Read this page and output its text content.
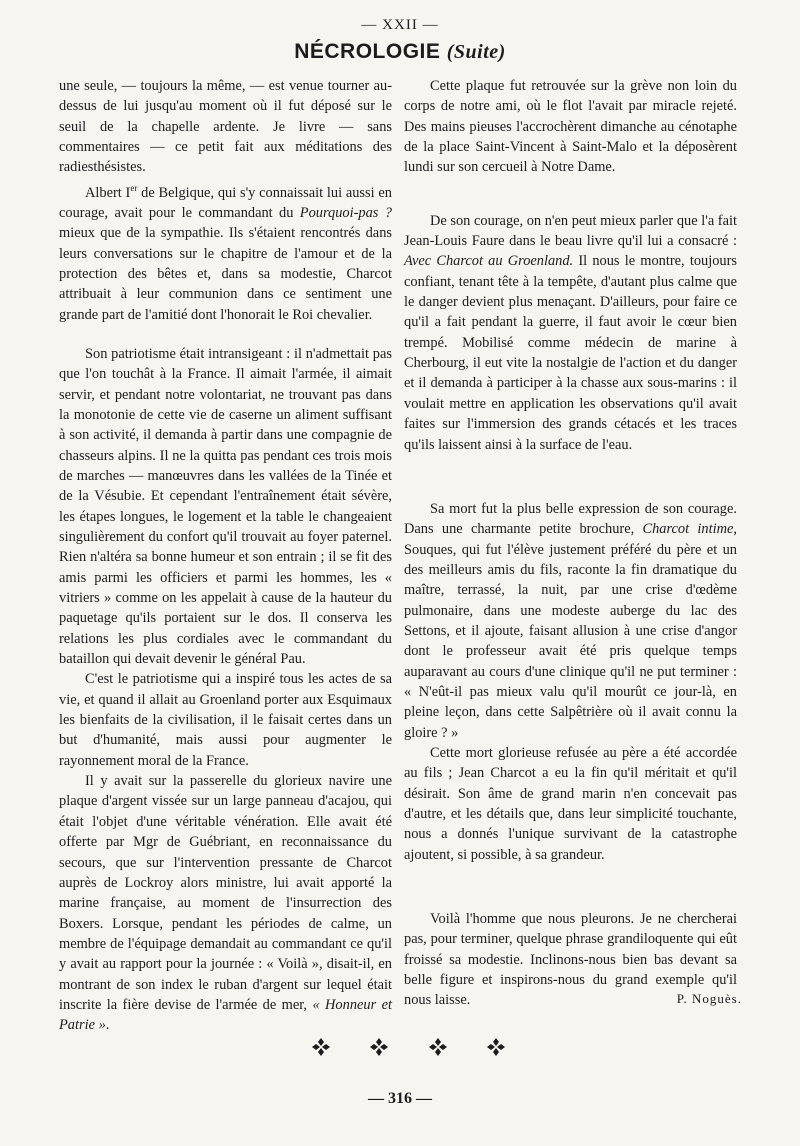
— XXII —
NÉCROLOGIE (Suite)

une seule, — toujours la même, — est venue tourner au-dessus de lui jusqu'au moment où il fut déposé sur le seuil de la chapelle ardente. Je livre — sans commentaires — ce petit fait aux méditations des radiesthésistes.

Albert Ier de Belgique, qui s'y connaissait lui aussi en courage, avait pour le commandant du Pourquoi-pas ? mieux que de la sympathie. Ils s'étaient rencontrés dans leurs conversations sur le chapitre de l'amour et de la protection des bêtes et, dans sa modestie, Charcot attribuait à leur communion dans ce sentiment une grande part de l'amitié dont l'honorait le Roi chevalier.

Son patriotisme était intransigeant : il n'admettait pas que l'on touchât à la France. Il aimait l'armée, il aimait servir, et pendant notre volontariat, ne trouvant pas dans la monotonie de cette vie de caserne un aliment suffisant à son activité, il demanda à partir dans une compagnie de chasseurs alpins. Il ne la quitta pas pendant ces trois mois de marches — manœuvres dans les vallées de la Tinée et de la Vésubie. Et cependant l'entraînement était sévère, les étapes longues, le logement et la table le changeaient singulièrement du confort qu'il trouvait au foyer paternel. Rien n'altéra sa bonne humeur et son entrain ; il se fit des amis parmi les officiers et parmi les hommes, les « vitriers » comme on les appelait à cause de la hauteur du paquetage qu'ils portaient sur le dos. Il conserva les relations les plus cordiales avec le commandant du bataillon qui devait devenir le général Pau.

C'est le patriotisme qui a inspiré tous les actes de sa vie, et quand il allait au Groenland porter aux Esquimaux les bienfaits de la civilisation, il le faisait certes dans un but d'humanité, mais aussi pour augmenter le rayonnement moral de la France.

Il y avait sur la passerelle du glorieux navire une plaque d'argent vissée sur un large panneau d'acajou, qui était l'objet d'une véritable vénération. Elle avait été offerte par Mgr de Guébriant, en reconnaissance du secours, que sur l'intervention pressante de Charcot auprès de Lockroy alors ministre, lui avait apporté la marine française, au moment de l'insurrection des Boxers. Lorsque, pendant les périodes de calme, un membre de l'équipage demandait au commandant ce qu'il y avait au rapport pour la journée : « Voilà », disait-il, en montrant de son index le ruban d'argent sur lequel était inscrite la fière devise de l'armée de mer, « Honneur et Patrie ».

Cette plaque fut retrouvée sur la grève non loin du corps de notre ami, où le flot l'avait par miracle rejeté. Des mains pieuses l'accrochèrent dimanche au cénotaphe de la place Saint-Vincent à Saint-Malo et la déposèrent lundi sur son cercueil à Notre Dame.

De son courage, on n'en peut mieux parler que l'a fait Jean-Louis Faure dans le beau livre qu'il lui a consacré : Avec Charcot au Groenland. Il nous le montre, toujours confiant, tenant tête à la tempête, d'autant plus calme que le danger devient plus menaçant. D'ailleurs, pour faire ce qu'il a fait pendant la guerre, il faut avoir le cœur bien trempé. Mobilisé comme médecin de marine à Cherbourg, il eut vite la nostalgie de l'action et du danger et il demanda à participer à la chasse aux sous-marins : il voulait mettre en application les observations qu'il avait faites sur l'immersion des grands cétacés et les traces qu'ils laissent ainsi à la surface de l'eau.

Sa mort fut la plus belle expression de son courage. Dans une charmante petite brochure, Charcot intime, Souques, qui fut l'élève justement préféré du père et un des meilleurs amis du fils, raconte la fin dramatique du maître, terrassé, la nuit, par une crise d'œdème pulmonaire, dans une modeste auberge du lac des Settons, et il ajoute, faisant allusion à une crise d'angor dont le professeur avait été pris quelque temps auparavant au cours d'une clinique qu'il ne put terminer : « N'eût-il pas mieux valu qu'il mourût ce jour-là, en pleine leçon, dans cette Salpêtrière où il avait connu la gloire ? »

Cette mort glorieuse refusée au père a été accordée au fils ; Jean Charcot a eu la fin qu'il méritait et qu'il désirait. Son âme de grand marin n'en concevait pas d'autre, et les détails que, dans leur simplicité touchante, nous a donnés l'unique survivant de la catastrophe ajoutent, si possible, à sa grandeur.

Voilà l'homme que nous pleurons. Je ne chercherai pas, pour terminer, quelque phrase grandiloquente qui eût froissé sa modestie. Inclinons-nous bien bas devant sa belle figure et inspirons-nous du grand exemple qu'il nous laisse.	P. Noguès.
— 316 —
